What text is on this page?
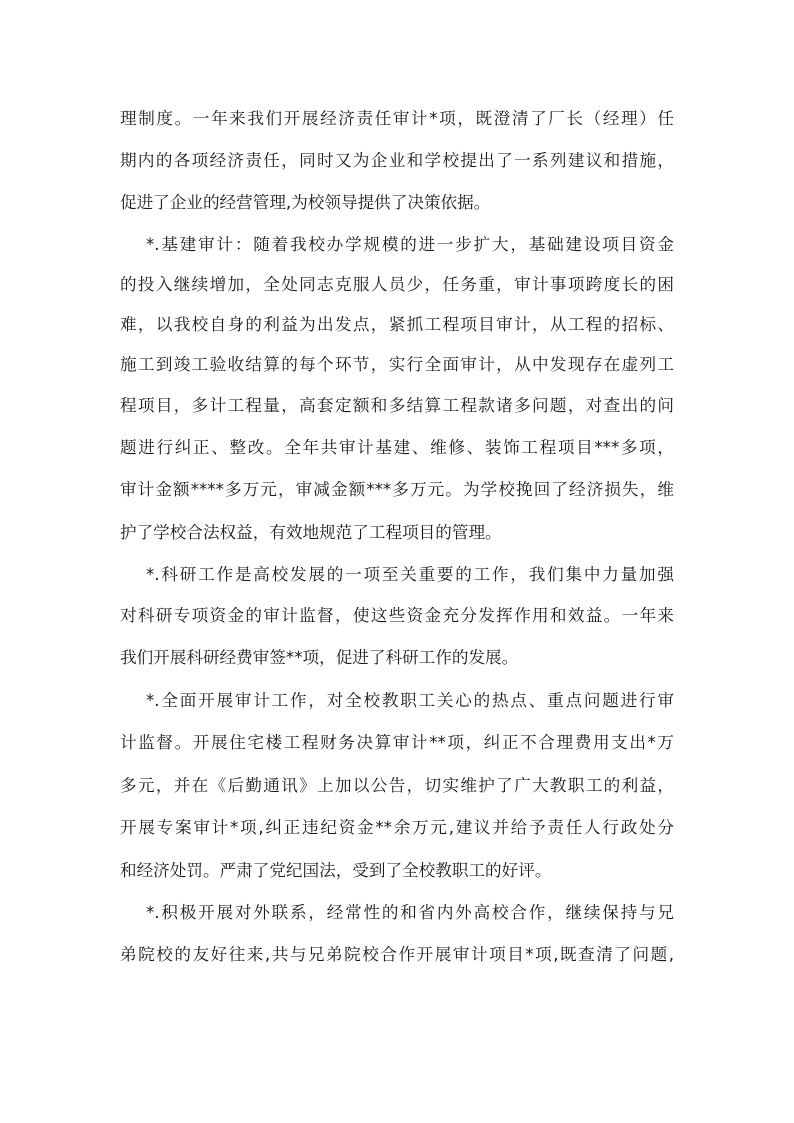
理制度。一年来我们开展经济责任审计*项，既澄清了厂长（经理）任
期内的各项经济责任，同时又为企业和学校提出了一系列建议和措施，
促进了企业的经营管理,为校领导提供了决策依据。
*.基建审计：随着我校办学规模的进一步扩大，基础建设项目资金
的投入继续增加，全处同志克服人员少，任务重，审计事项跨度长的困
难，以我校自身的利益为出发点，紧抓工程项目审计，从工程的招标、
施工到竣工验收结算的每个环节，实行全面审计，从中发现存在虚列工
程项目，多计工程量，高套定额和多结算工程款诸多问题，对查出的问
题进行纠正、整改。全年共审计基建、维修、装饰工程项目***多项，
审计金额****多万元，审减金额***多万元。为学校挽回了经济损失，维
护了学校合法权益，有效地规范了工程项目的管理。
*.科研工作是高校发展的一项至关重要的工作，我们集中力量加强
对科研专项资金的审计监督，使这些资金充分发挥作用和效益。一年来
我们开展科研经费审签**项，促进了科研工作的发展。
*.全面开展审计工作，对全校教职工关心的热点、重点问题进行审
计监督。开展住宅楼工程财务决算审计**项，纠正不合理费用支出*万
多元，并在《后勤通讯》上加以公告，切实维护了广大教职工的利益，
开展专案审计*项,纠正违纪资金**余万元,建议并给予责任人行政处分
和经济处罚。严肃了党纪国法，受到了全校教职工的好评。
*.积极开展对外联系，经常性的和省内外高校合作，继续保持与兄
弟院校的友好往来,共与兄弟院校合作开展审计项目*项,既查清了问题,
